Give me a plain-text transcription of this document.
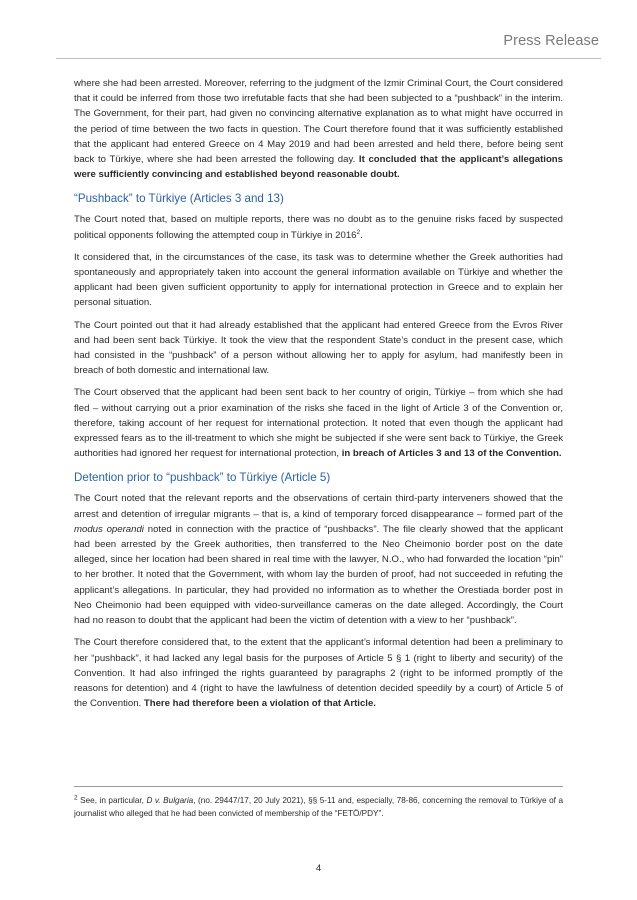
Press Release

where she had been arrested. Moreover, referring to the judgment of the Izmir Criminal Court, the Court considered that it could be inferred from those two irrefutable facts that she had been subjected to a “pushback” in the interim. The Government, for their part, had given no convincing alternative explanation as to what might have occurred in the period of time between the two facts in question. The Court therefore found that it was sufficiently established that the applicant had entered Greece on 4 May 2019 and had been arrested and held there, before being sent back to Türkiye, where she had been arrested the following day. It concluded that the applicant’s allegations were sufficiently convincing and established beyond reasonable doubt.

“Pushback” to Türkiye (Articles 3 and 13)

The Court noted that, based on multiple reports, there was no doubt as to the genuine risks faced by suspected political opponents following the attempted coup in Türkiye in 2016$^2$.

It considered that, in the circumstances of the case, its task was to determine whether the Greek authorities had spontaneously and appropriately taken into account the general information available on Türkiye and whether the applicant had been given sufficient opportunity to apply for international protection in Greece and to explain her personal situation.

The Court pointed out that it had already established that the applicant had entered Greece from the Evros River and had been sent back Türkiye. It took the view that the respondent State’s conduct in the present case, which had consisted in the “pushback” of a person without allowing her to apply for asylum, had manifestly been in breach of both domestic and international law.

The Court observed that the applicant had been sent back to her country of origin, Türkiye – from which she had fled – without carrying out a prior examination of the risks she faced in the light of Article 3 of the Convention or, therefore, taking account of her request for international protection. It noted that even though the applicant had expressed fears as to the ill-treatment to which she might be subjected if she were sent back to Türkiye, the Greek authorities had ignored her request for international protection, in breach of Articles 3 and 13 of the Convention.

Detention prior to “pushback” to Türkiye (Article 5)

The Court noted that the relevant reports and the observations of certain third-party interveners showed that the arrest and detention of irregular migrants – that is, a kind of temporary forced disappearance – formed part of the modus operandi noted in connection with the practice of “pushbacks”. The file clearly showed that the applicant had been arrested by the Greek authorities, then transferred to the Neo Cheimonio border post on the date alleged, since her location had been shared in real time with the lawyer, N.O., who had forwarded the location “pin” to her brother. It noted that the Government, with whom lay the burden of proof, had not succeeded in refuting the applicant’s allegations. In particular, they had provided no information as to whether the Orestiada border post in Neo Cheimonio had been equipped with video-surveillance cameras on the date alleged. Accordingly, the Court had no reason to doubt that the applicant had been the victim of detention with a view to her “pushback”.

The Court therefore considered that, to the extent that the applicant’s informal detention had been a preliminary to her “pushback”, it had lacked any legal basis for the purposes of Article 5 § 1 (right to liberty and security) of the Convention. It had also infringed the rights guaranteed by paragraphs 2 (right to be informed promptly of the reasons for detention) and 4 (right to have the lawfulness of detention decided speedily by a court) of Article 5 of the Convention. There had therefore been a violation of that Article.

$^2$ See, in particular, D v. Bulgaria, (no. 29447/17, 20 July 2021), §§ 5-11 and, especially, 78-86, concerning the removal to Türkiye of a journalist who alleged that he had been convicted of membership of the “FETÖ/PDY”.
4
